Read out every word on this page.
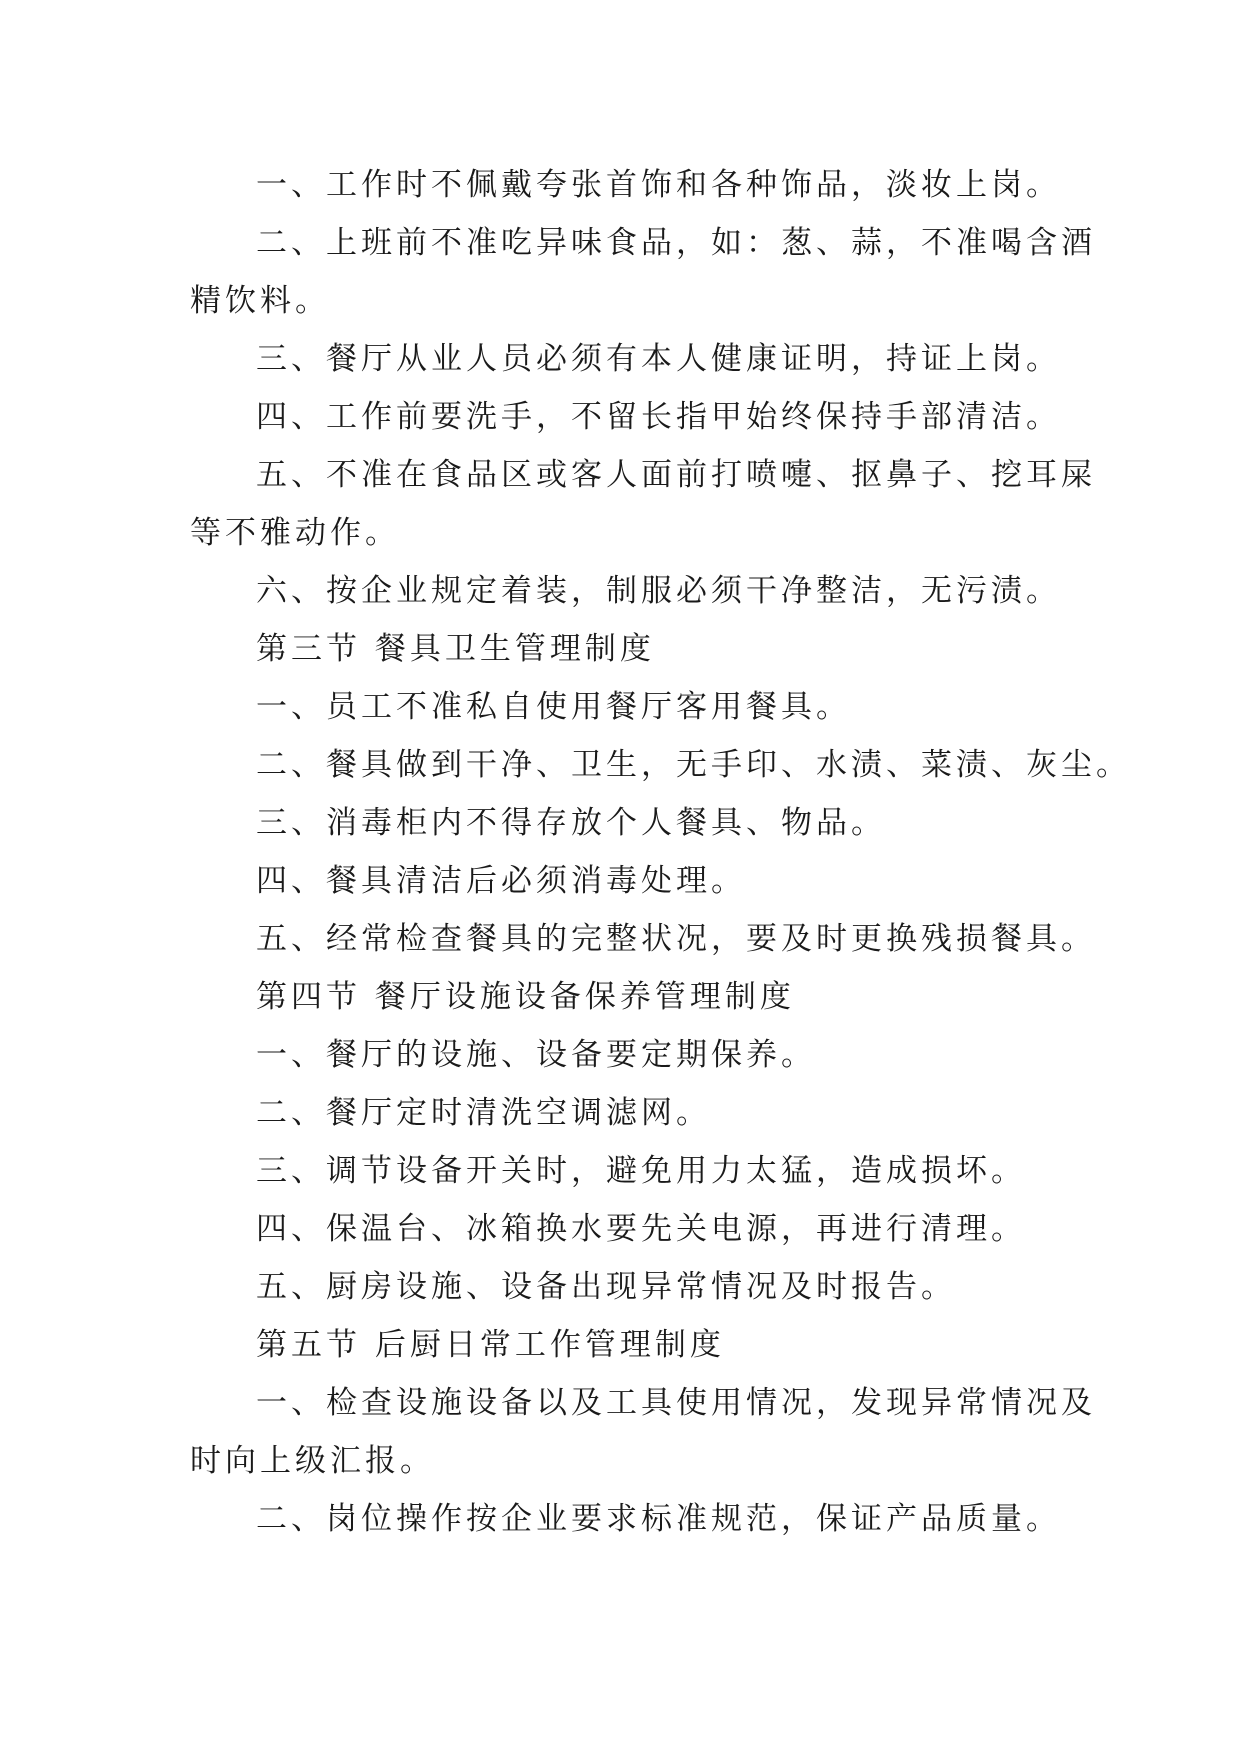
一、工作时不佩戴夸张首饰和各种饰品，淡妆上岗。
二、上班前不准吃异味食品，如：葱、蒜，不准喝含酒
精饮料。
三、餐厅从业人员必须有本人健康证明，持证上岗。
四、工作前要洗手，不留长指甲始终保持手部清洁。
五、不准在食品区或客人面前打喷嚏、抠鼻子、挖耳屎
等不雅动作。
六、按企业规定着装，制服必须干净整洁，无污渍。
第三节 餐具卫生管理制度
一、员工不准私自使用餐厅客用餐具。
二、餐具做到干净、卫生，无手印、水渍、菜渍、灰尘。
三、消毒柜内不得存放个人餐具、物品。
四、餐具清洁后必须消毒处理。
五、经常检查餐具的完整状况，要及时更换残损餐具。
第四节 餐厅设施设备保养管理制度
一、餐厅的设施、设备要定期保养。
二、餐厅定时清洗空调滤网。
三、调节设备开关时，避免用力太猛，造成损坏。
四、保温台、冰箱换水要先关电源，再进行清理。
五、厨房设施、设备出现异常情况及时报告。
第五节 后厨日常工作管理制度
一、检查设施设备以及工具使用情况，发现异常情况及
时向上级汇报。
二、岗位操作按企业要求标准规范，保证产品质量。
